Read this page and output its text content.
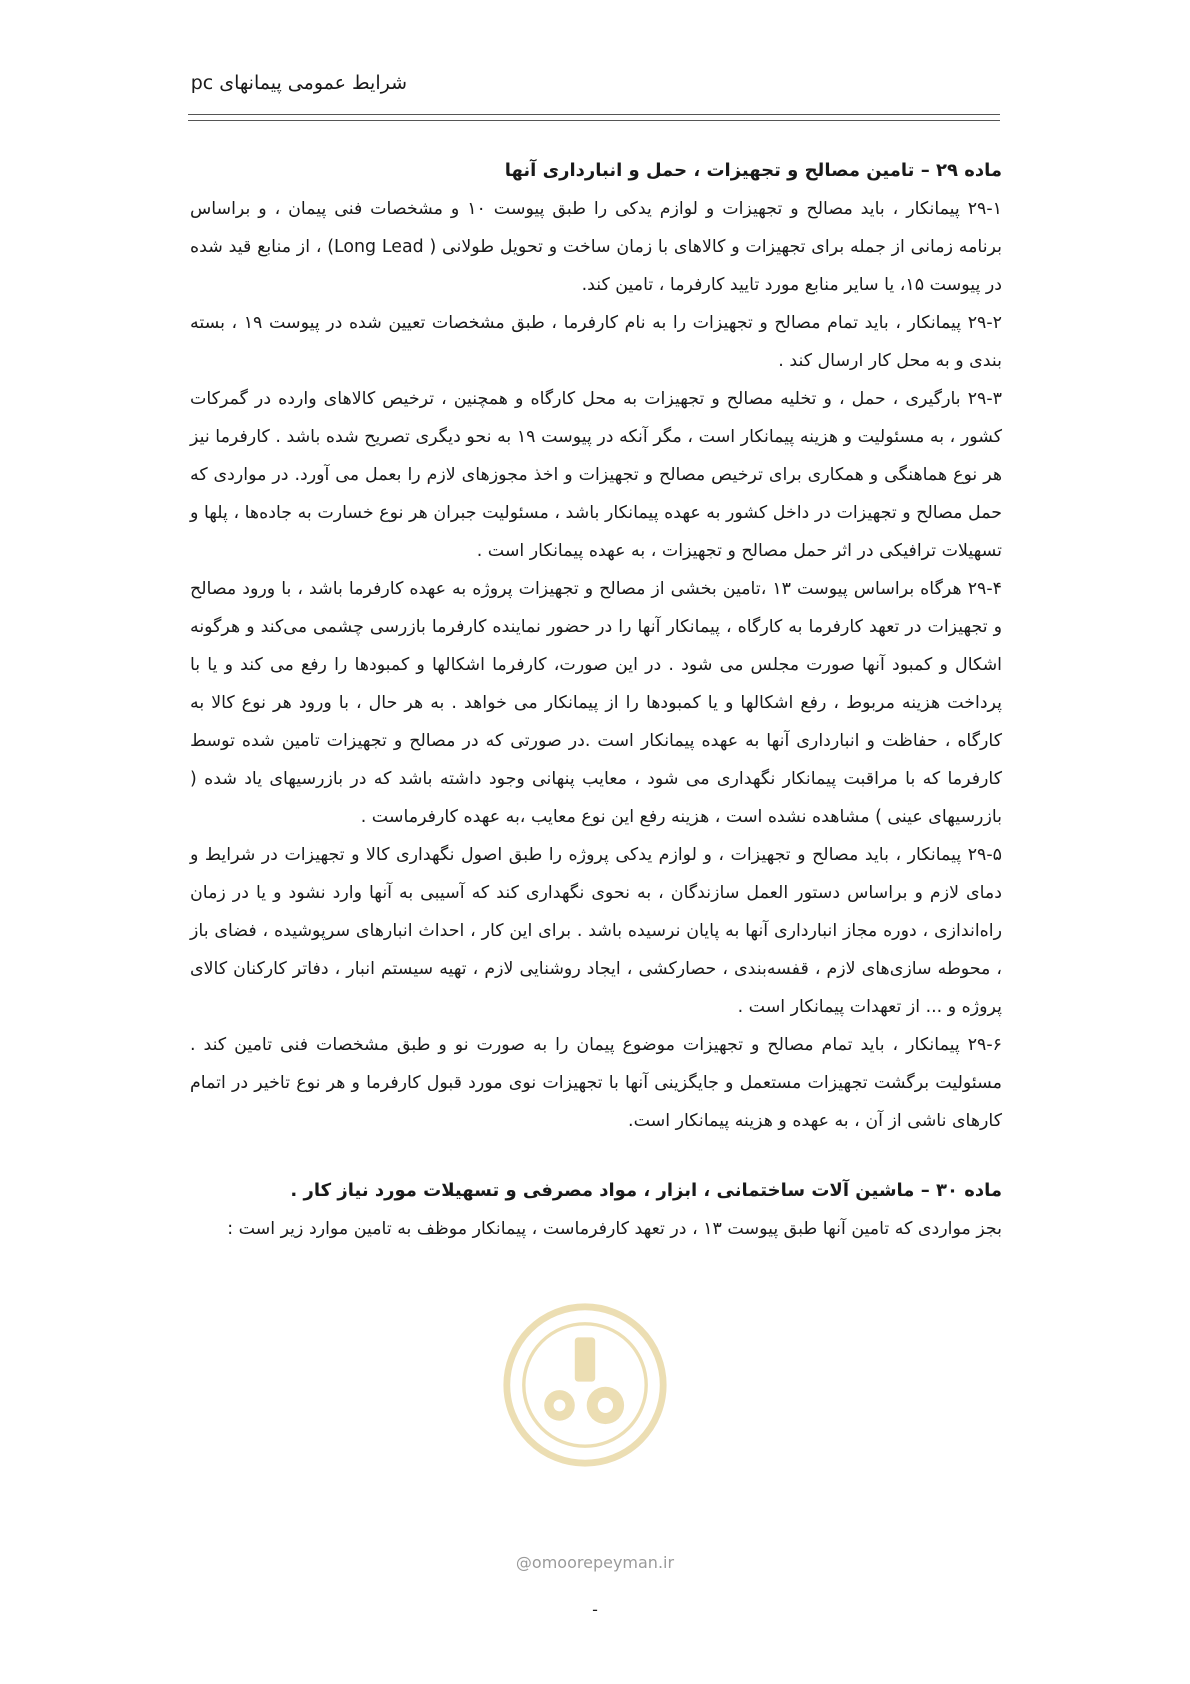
شرایط عمومی پیمانهای pc

ماده ۲۹ – تامین مصالح و تجهیزات ، حمل و انبارداری آنها

۲۹-۱ پیمانکار ، باید مصالح و تجهیزات و لوازم یدکی را طبق پیوست ۱۰ و مشخصات فنی پیمان ، و براساس برنامه زمانی از جمله برای تجهیزات و کالاهای با زمان ساخت و تحویل طولانی ( Long Lead) ، از منابع قید شده در پیوست ۱۵، یا سایر منابع مورد تایید کارفرما ، تامین کند.

۲۹-۲ پیمانکار ، باید تمام مصالح و تجهیزات را به نام کارفرما ، طبق مشخصات تعیین شده در پیوست ۱۹ ، بسته بندی و به محل کار ارسال کند .

۲۹-۳ بارگیری ، حمل ، و تخلیه مصالح و تجهیزات به محل کارگاه و همچنین ، ترخیص کالاهای وارده در گمرکات کشور ، به مسئولیت و هزینه پیمانکار است ، مگر آنکه در پیوست ۱۹ به نحو دیگری تصریح شده باشد . کارفرما نیز هر نوع هماهنگی و همکاری برای ترخیص مصالح و تجهیزات و اخذ مجوزهای لازم را بعمل می آورد. در مواردی که حمل مصالح و تجهیزات در داخل کشور به عهده پیمانکار باشد ، مسئولیت جبران هر نوع خسارت به جاده‌ها ، پلها و تسهیلات ترافیکی در اثر حمل مصالح و تجهیزات ، به عهده پیمانکار است .

۲۹-۴ هرگاه براساس پیوست ۱۳ ،تامین بخشی از مصالح و تجهیزات پروژه به عهده کارفرما باشد ، با ورود مصالح و تجهیزات در تعهد کارفرما به کارگاه ، پیمانکار آنها را در حضور نماینده کارفرما بازرسی چشمی می‌کند و هرگونه اشکال و کمبود آنها صورت مجلس می شود . در این صورت، کارفرما اشکالها و کمبودها را رفع می کند و یا با پرداخت هزینه مربوط ، رفع اشکالها و یا کمبودها را از پیمانکار می خواهد . به هر حال ، با ورود هر نوع کالا به کارگاه ، حفاظت و انبارداری آنها به عهده پیمانکار است .در صورتی که در مصالح و تجهیزات تامین شده توسط کارفرما که با مراقبت پیمانکار نگهداری می شود ، معایب پنهانی وجود داشته باشد که در بازرسیهای یاد شده ( بازرسیهای عینی ) مشاهده نشده است ، هزینه رفع این نوع معایب ،به عهده کارفرماست .

۲۹-۵ پیمانکار ، باید مصالح و تجهیزات ، و لوازم یدکی پروژه را طبق اصول نگهداری کالا و تجهیزات در شرایط و دمای لازم و براساس دستور العمل سازندگان ، به نحوی نگهداری کند که آسیبی به آنها وارد نشود و یا در زمان راه‌اندازی ، دوره مجاز انبارداری آنها به پایان نرسیده باشد . برای این کار ، احداث انبارهای سرپوشیده ، فضای باز ، محوطه سازی‌های لازم ، قفسه‌بندی ، حصارکشی ، ایجاد روشنایی لازم ، تهیه سیستم انبار ، دفاتر کارکنان کالای پروژه و ... از تعهدات پیمانکار است .

۲۹-۶ پیمانکار ، باید تمام مصالح و تجهیزات موضوع پیمان را به صورت نو و طبق مشخصات فنی تامین کند . مسئولیت برگشت تجهیزات مستعمل و جایگزینی آنها با تجهیزات نوی مورد قبول کارفرما و هر نوع تاخیر در اتمام کارهای ناشی از آن ، به عهده و هزینه پیمانکار است.

ماده ۳۰ – ماشین آلات ساختمانی ، ابزار ، مواد مصرفی و تسهیلات مورد نیاز کار .

بجز مواردی که تامین آنها طبق پیوست ۱۳ ، در تعهد کارفرماست ، پیمانکار موظف به تامین موارد زیر است :

@omoorepeyman.ir
-
